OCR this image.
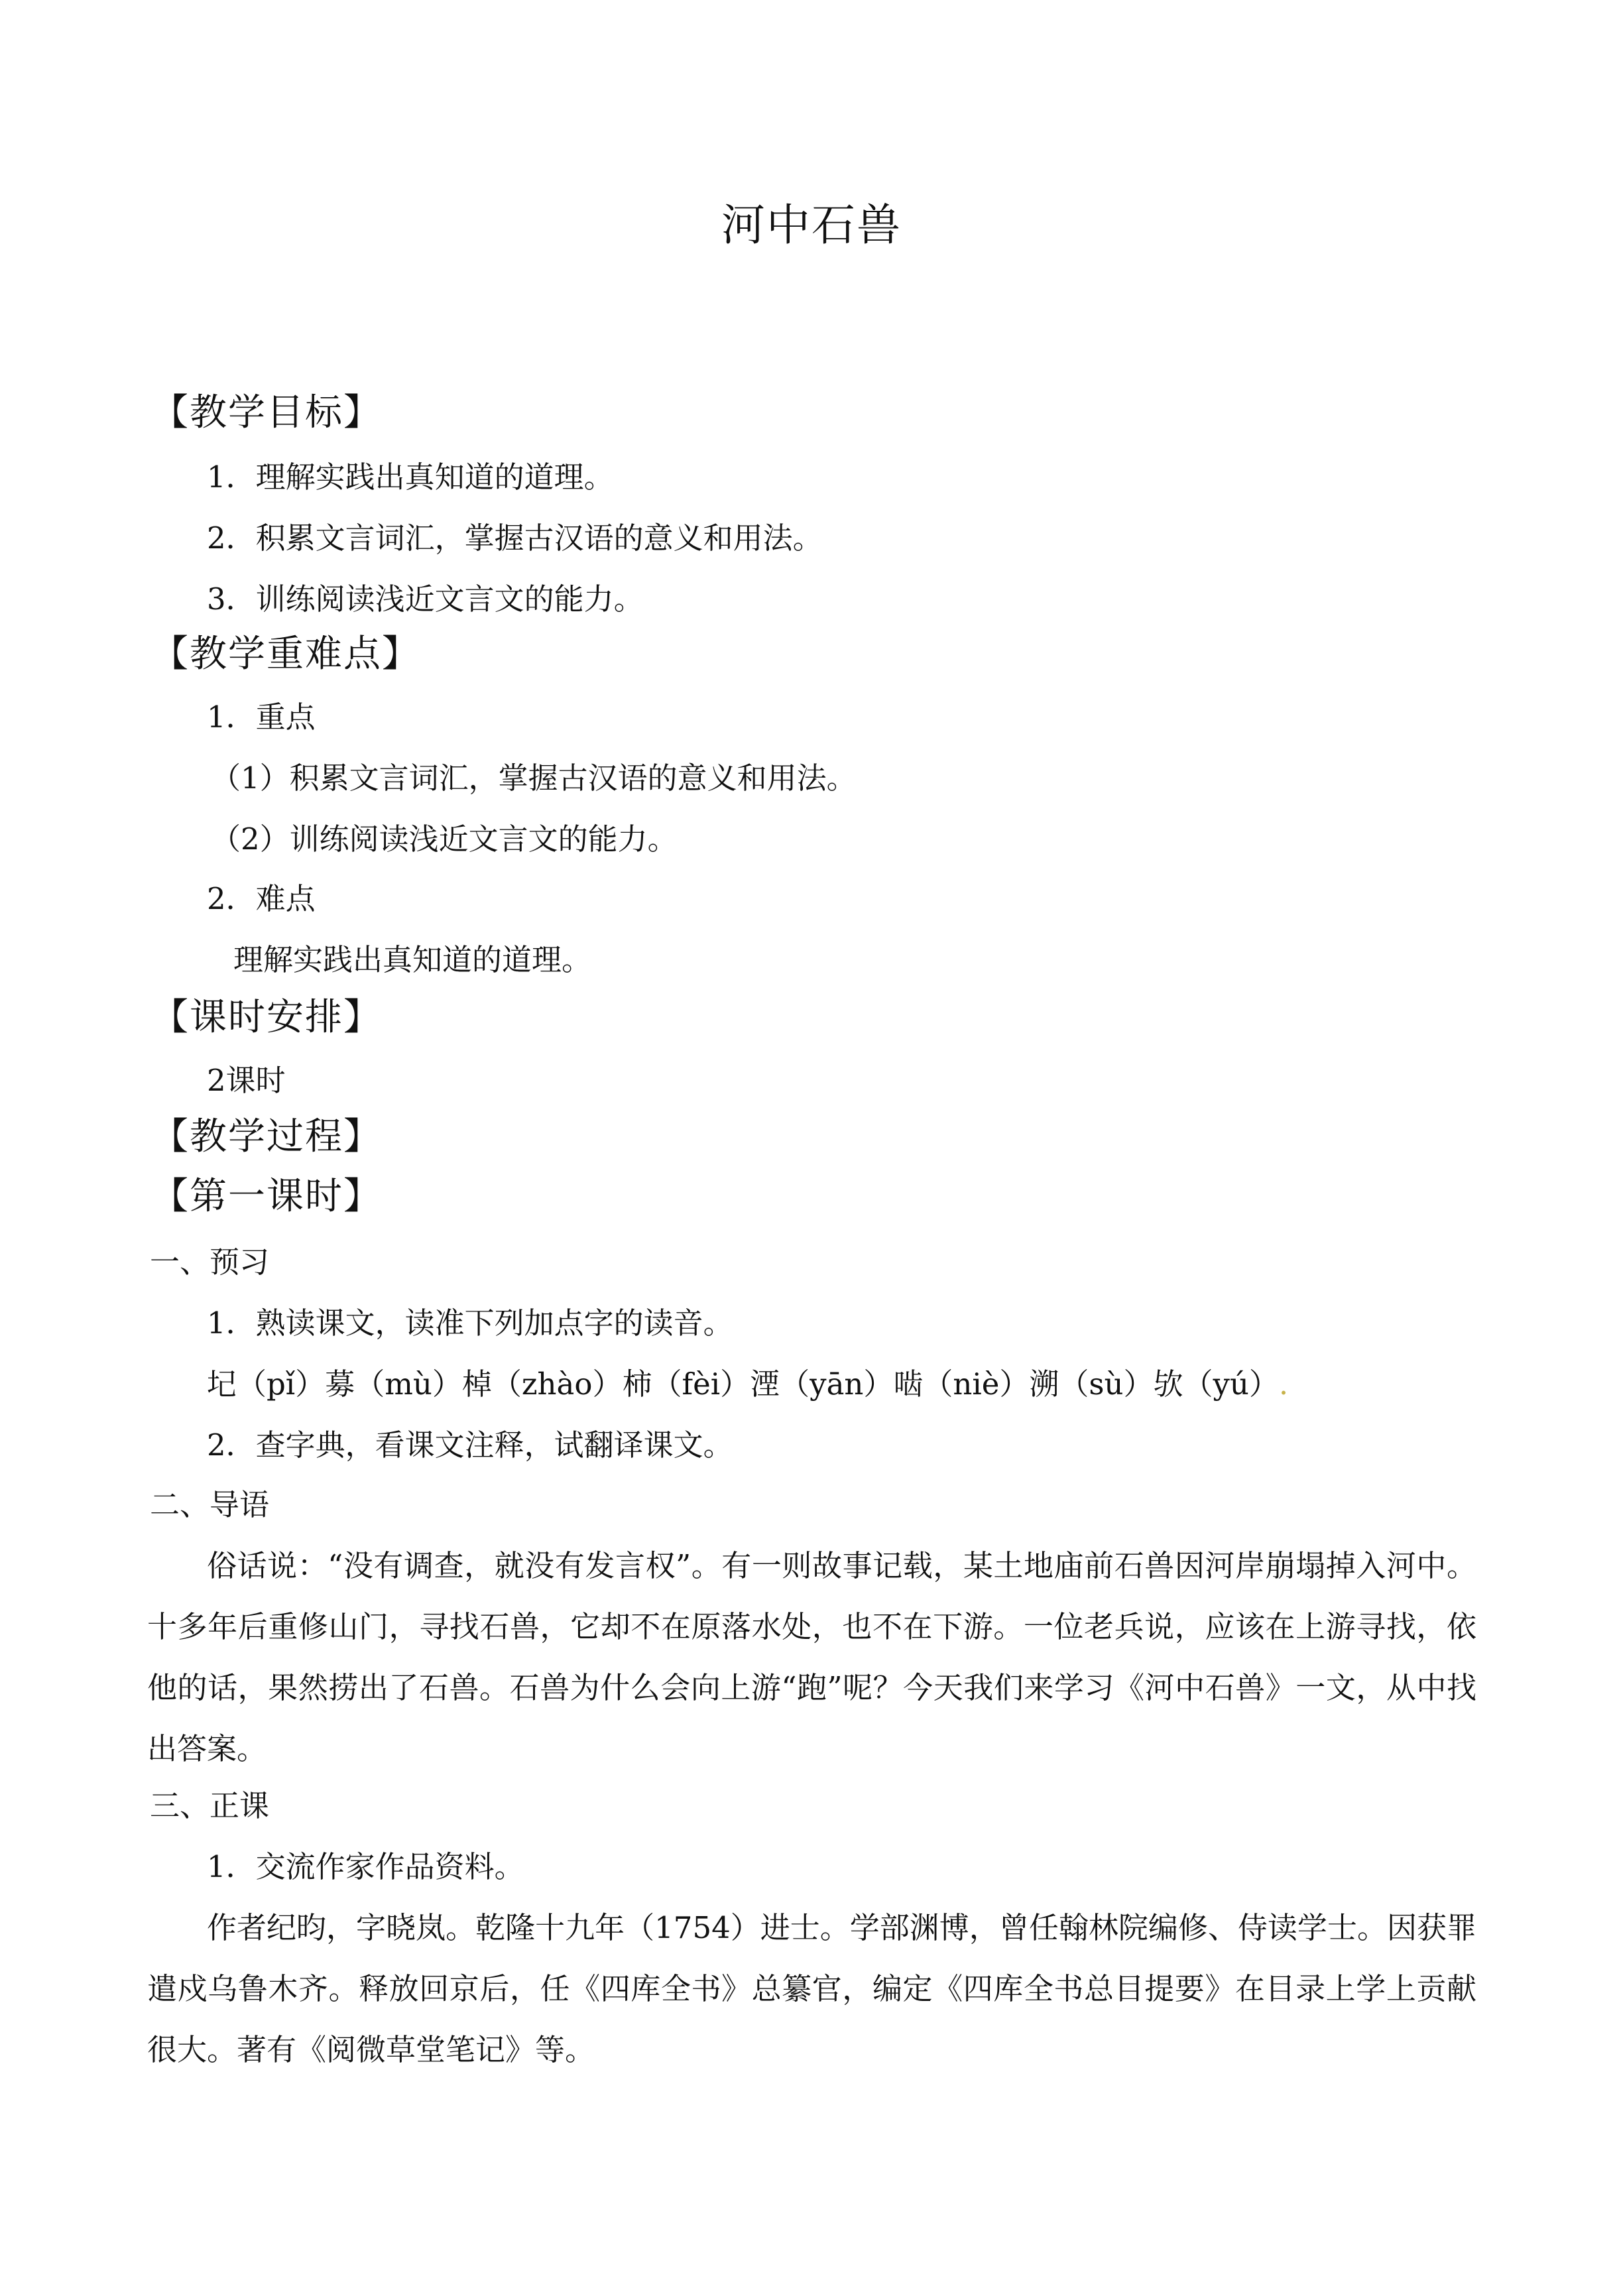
河中石兽
【教学目标】
1．理解实践出真知道的道理。
2．积累文言词汇，掌握古汉语的意义和用法。
3．训练阅读浅近文言文的能力。
【教学重难点】
1．重点
（1）积累文言词汇，掌握古汉语的意义和用法。
（2）训练阅读浅近文言文的能力。
2．难点
理解实践出真知道的道理。
【课时安排】
2课时
【教学过程】
【第一课时】
一、预习
1．熟读课文，读准下列加点字的读音。
圮（pǐ）募（mù）棹（zhào）柿（fèi）湮（yān）啮（niè）溯（sù）欤（yú）.
2．查字典，看课文注释，试翻译课文。
二、导语
俗话说：“没有调查，就没有发言权”。有一则故事记载，某土地庙前石兽因河岸崩塌掉入河中。十多年后重修山门，寻找石兽，它却不在原落水处，也不在下游。一位老兵说，应该在上游寻找，依他的话，果然捞出了石兽。石兽为什么会向上游“跑”呢？今天我们来学习《河中石兽》一文，从中找出答案。
三、正课
1．交流作家作品资料。
作者纪昀，字晓岚。乾隆十九年（1754）进士。学部渊博，曾任翰林院编修、侍读学士。因获罪遣戍乌鲁木齐。释放回京后，任《四库全书》总纂官，编定《四库全书总目提要》在目录上学上贡献很大。著有《阅微草堂笔记》等。
